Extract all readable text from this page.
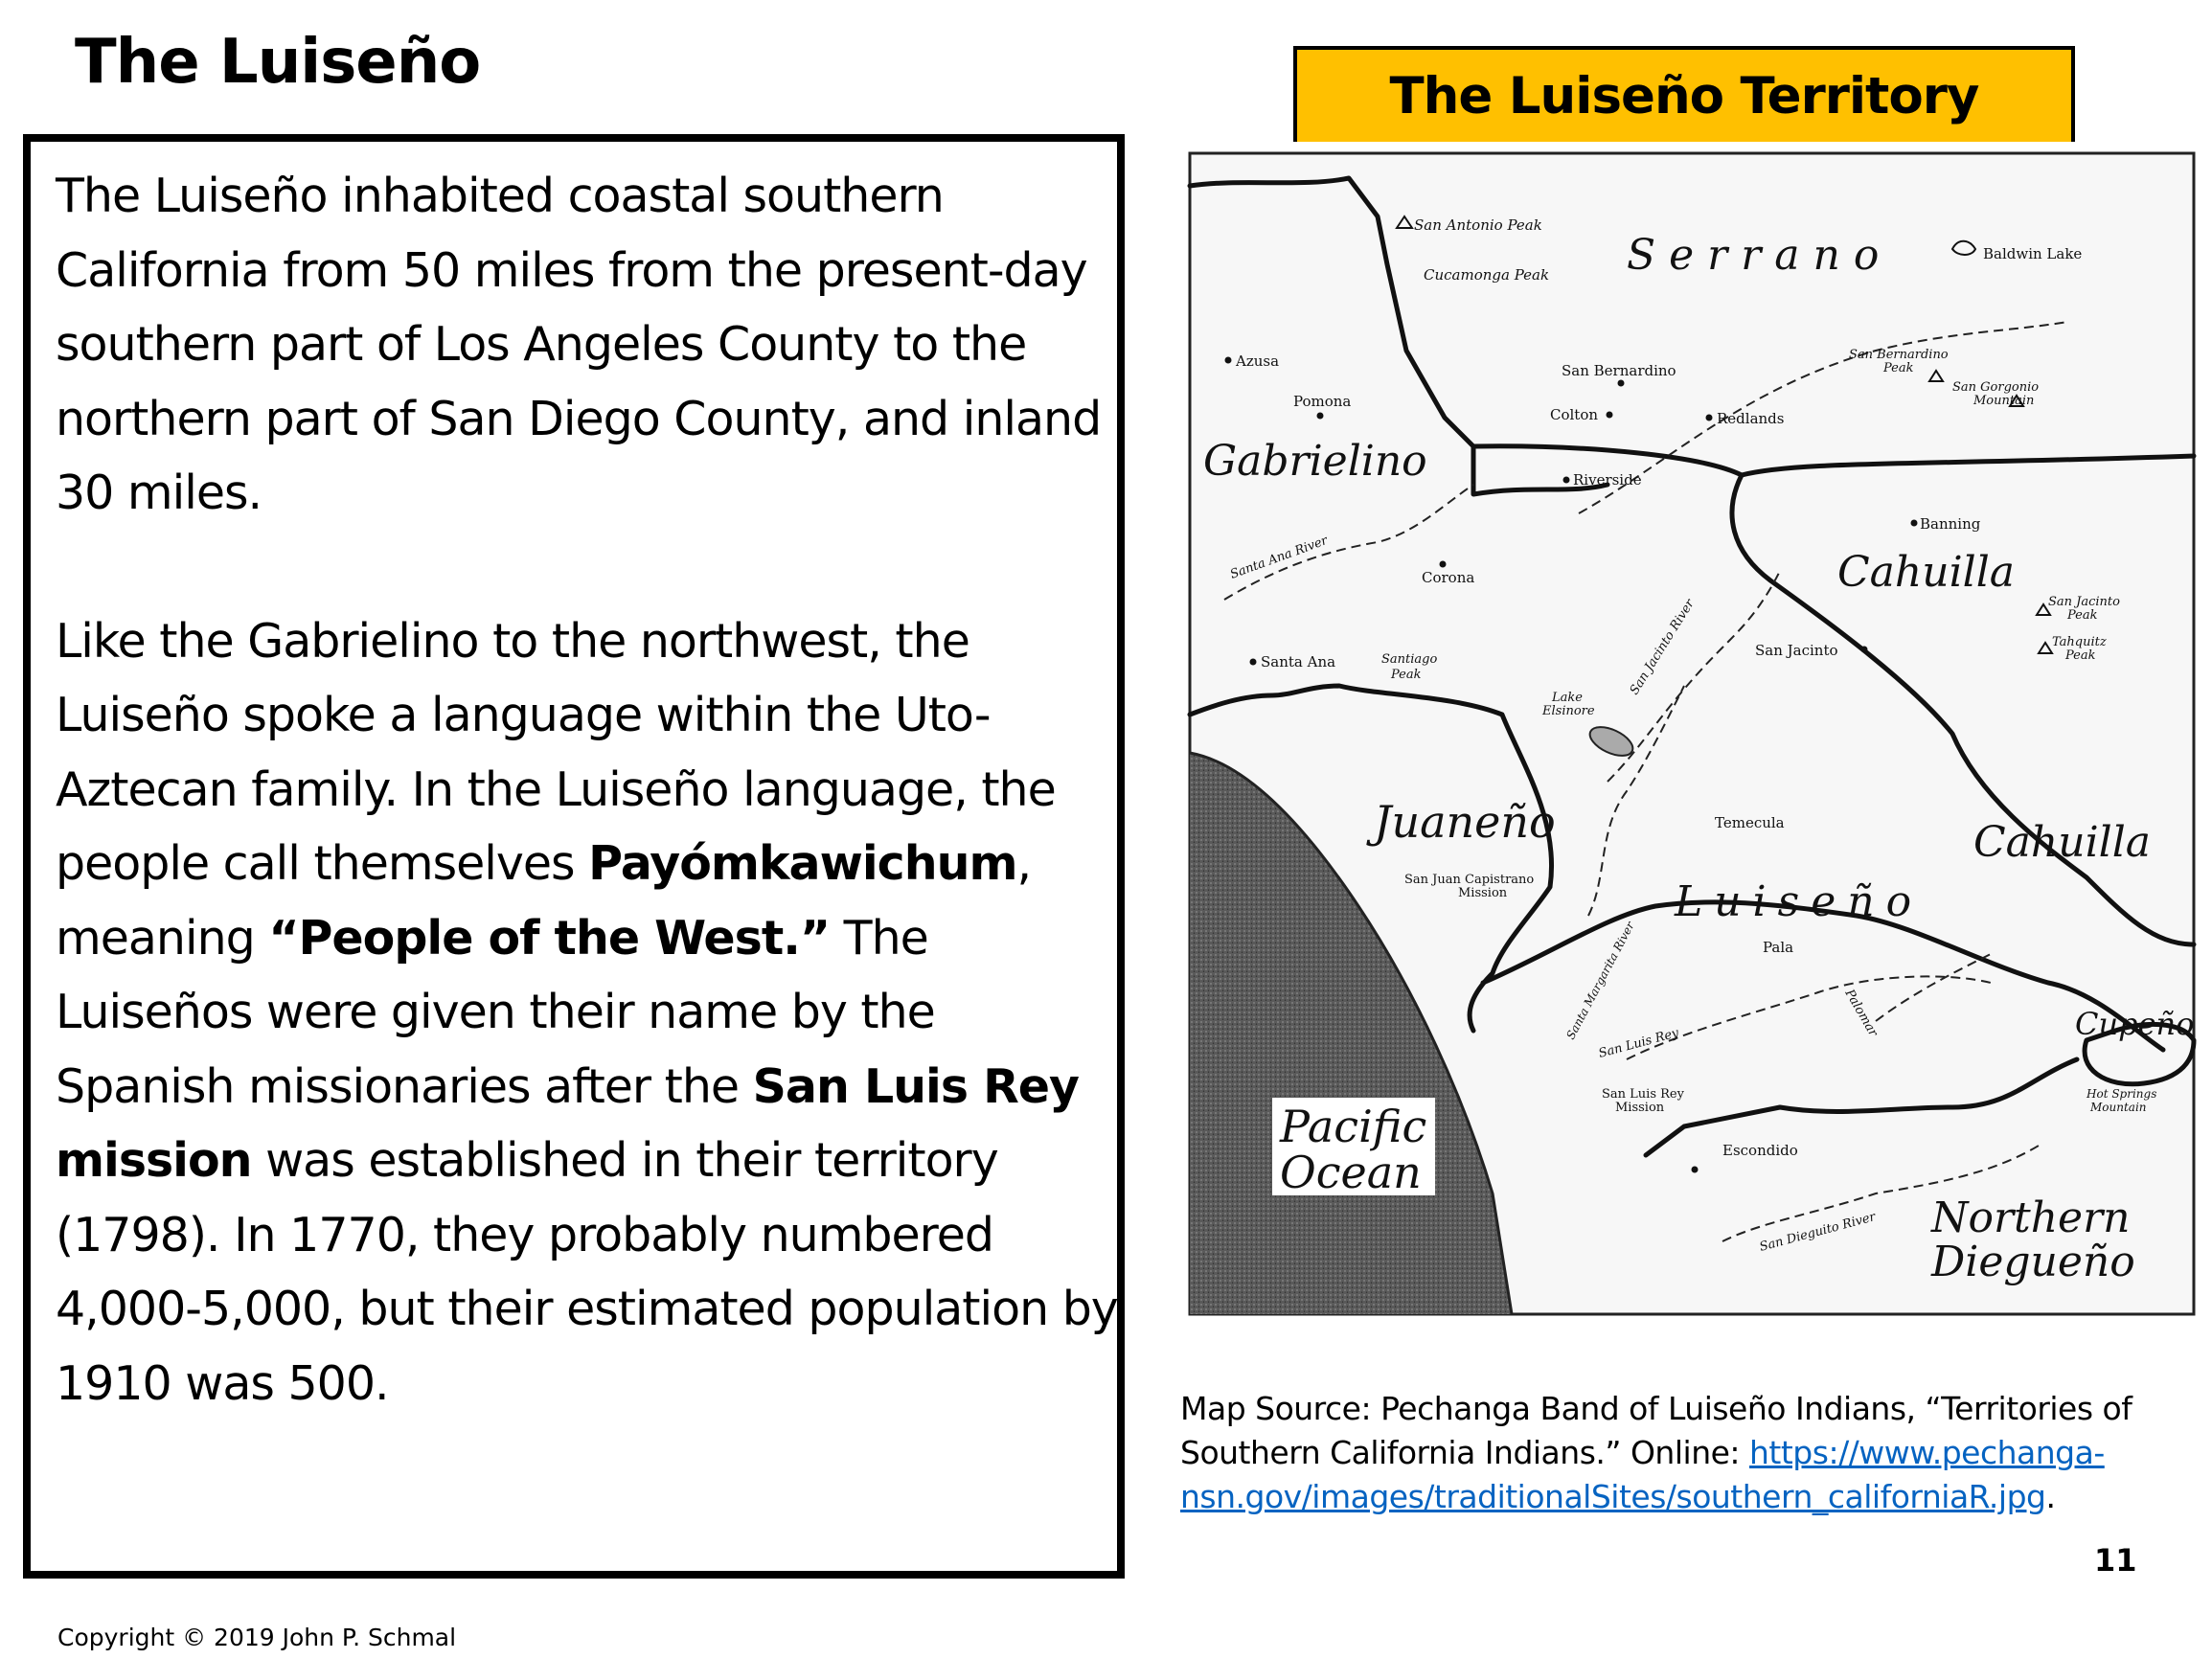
The Luiseño

The Luiseño inhabited coastal southern California from 50 miles from the present-day southern part of Los Angeles County to the northern part of San Diego County, and inland 30 miles.

Like the Gabrielino to the northwest, the Luiseño spoke a language within the Uto-Aztecan family. In the Luiseño language, the people call themselves Payómkawichum, meaning “People of the West.” The Luiseños were given their name by the Spanish missionaries after the San Luis Rey mission was established in their territory (1798). In 1770, they probably numbered 4,000-5,000, but their estimated population by 1910 was 500.

The Luiseño Territory
Serrano
Gabrielino
Cahuilla
Cahuilla
Juaneño
Luiseño
Cupeño
Northern
Diegueño
Pacific
Ocean
San Antonio Peak
Cucamonga Peak
Baldwin Lake
Azusa
Pomona
San Bernardino
Colton	Redlands
San Bernardino
Peak
San Gorgonio
Mountain
Riverside
Banning
Santa Ana River	Corona
San Jacinto
Peak
Tahquitz
Peak
Santa Ana	Santiago
Peak
Lake
Elsinore
San Jacinto River	San Jacinto
Temecula
San Juan Capistrano
Mission
Pala
San Luis Rey
Santa Margarita River
San Luis Rey
Mission
Palomar
Hot Springs
Mountain
Escondido
San Dieguito River
Map Source: Pechanga Band of Luiseño Indians, “Territories of Southern California Indians.” Online: https://www.pechanga-nsn.gov/images/traditionalSites/southern_californiaR.jpg.
11
Copyright © 2019 John P. Schmal
